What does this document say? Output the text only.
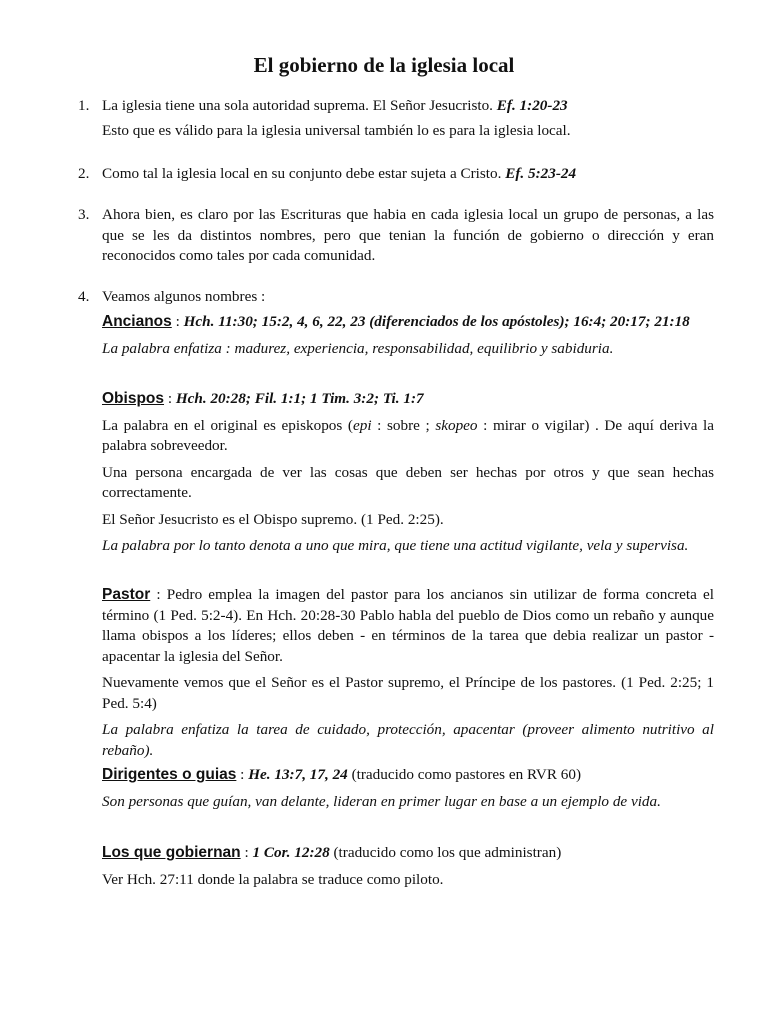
El gobierno de la iglesia local
1. La iglesia tiene una sola autoridad suprema. El Señor Jesucristo. Ef. 1:20-23

Esto que es válido para la iglesia universal también lo es para la iglesia local.

2. Como tal la iglesia local en su conjunto debe estar sujeta a Cristo. Ef. 5:23-24

3. Ahora bien, es claro por las Escrituras que habia en cada iglesia local un grupo de personas, a las que se les da distintos nombres, pero que tenian la función de gobierno o dirección y eran reconocidos como tales por cada comunidad.

4. Veamos algunos nombres :

Ancianos : Hch. 11:30; 15:2, 4, 6, 22, 23 (diferenciados de los apóstoles); 16:4; 20:17; 21:18

La palabra enfatiza : madurez, experiencia, responsabilidad, equilibrio y sabiduria.

Obispos : Hch. 20:28; Fil. 1:1; 1 Tim. 3:2; Ti. 1:7

La palabra en el original es episkopos (epi : sobre ; skopeo : mirar o vigilar) . De aquí deriva la palabra sobreveedor.

Una persona encargada de ver las cosas que deben ser hechas por otros y que sean hechas correctamente.

El Señor Jesucristo es el Obispo supremo. (1 Ped. 2:25).

La palabra por lo tanto denota a uno que mira, que tiene una actitud vigilante, vela y supervisa.

Pastor : Pedro emplea la imagen del pastor para los ancianos sin utilizar de forma concreta el término (1 Ped. 5:2-4). En Hch. 20:28-30 Pablo habla del pueblo de Dios como un rebaño y aunque llama obispos a los líderes; ellos deben - en términos de la tarea que debia realizar un pastor - apacentar la iglesia del Señor.

Nuevamente vemos que el Señor es el Pastor supremo, el Príncipe de los pastores. (1 Ped. 2:25; 1 Ped. 5:4)

La palabra enfatiza la tarea de cuidado, protección, apacentar (proveer alimento nutritivo al rebaño).

Dirigentes o guias : He. 13:7, 17, 24 (traducido como pastores en RVR 60)

Son personas que guían, van delante, lideran en primer lugar en base a un ejemplo de vida.

Los que gobiernan : 1 Cor. 12:28 (traducido como los que administran)

Ver Hch. 27:11 donde la palabra se traduce como piloto.
